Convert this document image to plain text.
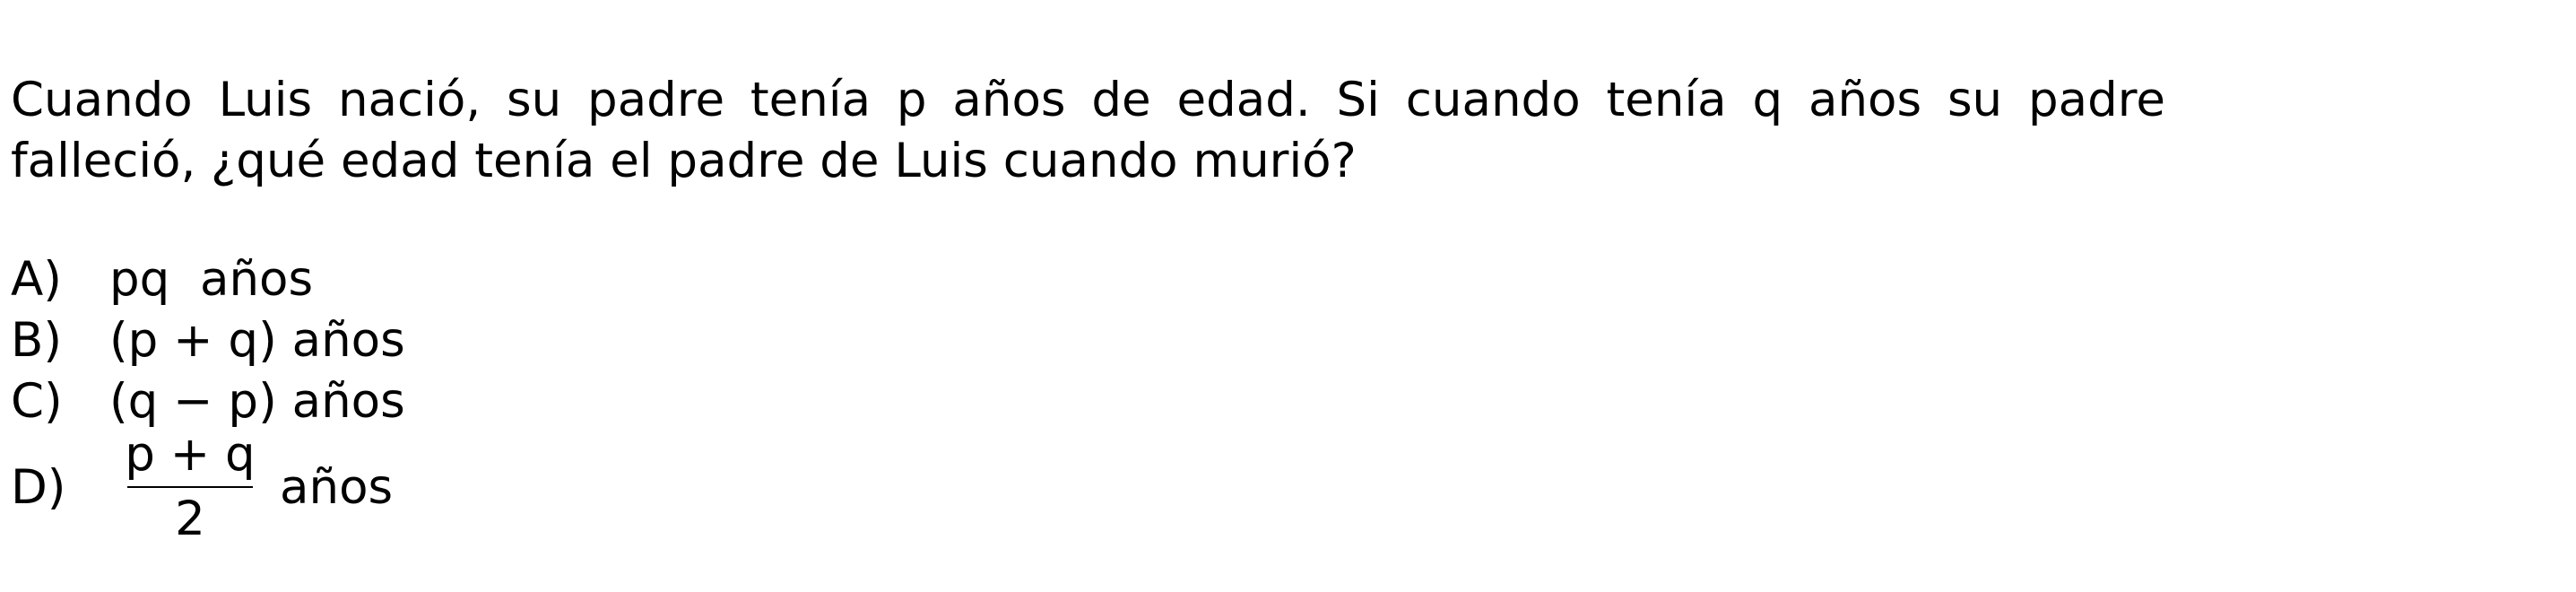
Cuando Luis nació, su padre tenía p años de edad. Si cuando tenía q años su padre
falleció, ¿qué edad tenía el padre de Luis cuando murió?
A) pq  años
B) (p + q) años
C) (q − p) años
D)
p + q
2
años
